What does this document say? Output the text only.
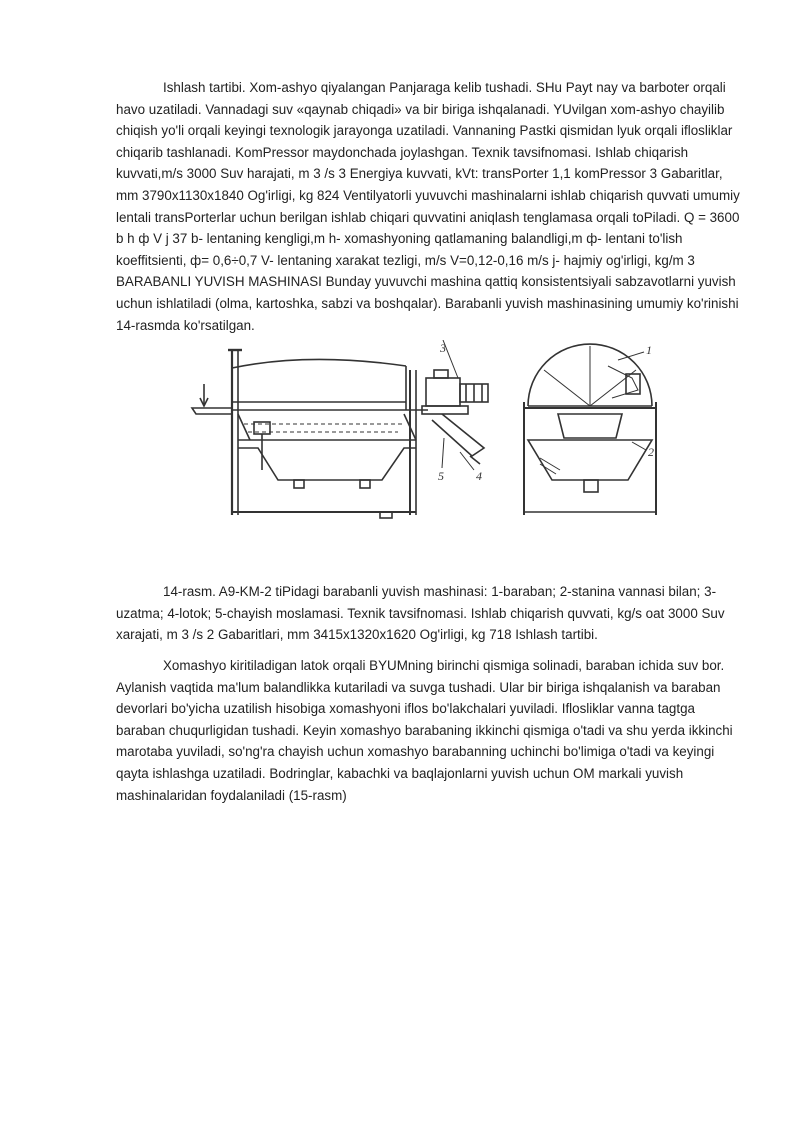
Ishlash tartibi. Xom-ashyo qiyalangan Panjaraga kelib tushadi. SHu Payt nay va barboter orqali havo uzatiladi. Vannadagi suv «qaynab chiqadi» va bir biriga ishqalanadi. YUvilgan xom-ashyo chayilib chiqish yo'li orqali keyingi texnologik jarayonga uzatiladi. Vannaning Pastki qismidan lyuk orqali iflosliklar chiqarib tashlanadi. KomPressor maydonchada joylashgan. Texnik tavsifnomasi. Ishlab chiqarish kuvvati,m/s 3000 Suv harajati, m 3 /s 3 Energiya kuvvati, kVt: transPorter 1,1 komPressor 3 Gabaritlar, mm 3790x1130x1840 Og'irligi, kg 824 Ventilyatorli yuvuvchi mashinalarni ishlab chiqarish quvvati umumiy lentali transPorterlar uchun berilgan ishlab chiqari quvvatini aniqlash tenglamasa orqali toPiladi. Q = 3600 b h ф V j 37 b- lentaning kengligi,m h- xomashyoning qatlamaning balandligi,m ф- lentani to'lish koeffitsienti, ф= 0,6÷0,7 V- lentaning xarakat tezligi, m/s V=0,12-0,16 m/s j- hajmiy og'irligi, kg/m 3 BARABANLI YUVISH MASHINASI Bunday yuvuvchi mashina qattiq konsistentsiyali sabzavotlarni yuvish uchun ishlatiladi (olma, kartoshka, sabzi va boshqalar). Barabanli yuvish mashinasining umumiy ko'rinishi 14-rasmda ko'rsatilgan.

3
4
5
1
2

14-rasm. A9-KM-2 tiPidagi barabanli yuvish mashinasi: 1-baraban; 2-stanina vannasi bilan; 3-uzatma; 4-lotok; 5-chayish moslamasi. Texnik tavsifnomasi. Ishlab chiqarish quvvati, kg/s oat 3000 Suv xarajati, m 3 /s 2 Gabaritlari, mm 3415x1320x1620 Og'irligi, kg 718 Ishlash tartibi.

Xomashyo kiritiladigan latok orqali BYUMning birinchi qismiga solinadi, baraban ichida suv bor. Aylanish vaqtida ma'lum balandlikka kutariladi va suvga tushadi. Ular bir biriga ishqalanish va baraban devorlari bo'yicha uzatilish hisobiga xomashyoni iflos bo'lakchalari yuviladi. Iflosliklar vanna tagtga baraban chuqurligidan tushadi. Keyin xomashyo barabaning ikkinchi qismiga o'tadi va shu yerda ikkinchi marotaba yuviladi, so'ng'ra chayish uchun xomashyo barabanning uchinchi bo'limiga o'tadi va keyingi qayta ishlashga uzatiladi. Bodringlar, kabachki va baqlajonlarni yuvish uchun OM markali yuvish mashinalaridan foydalaniladi (15-rasm)
